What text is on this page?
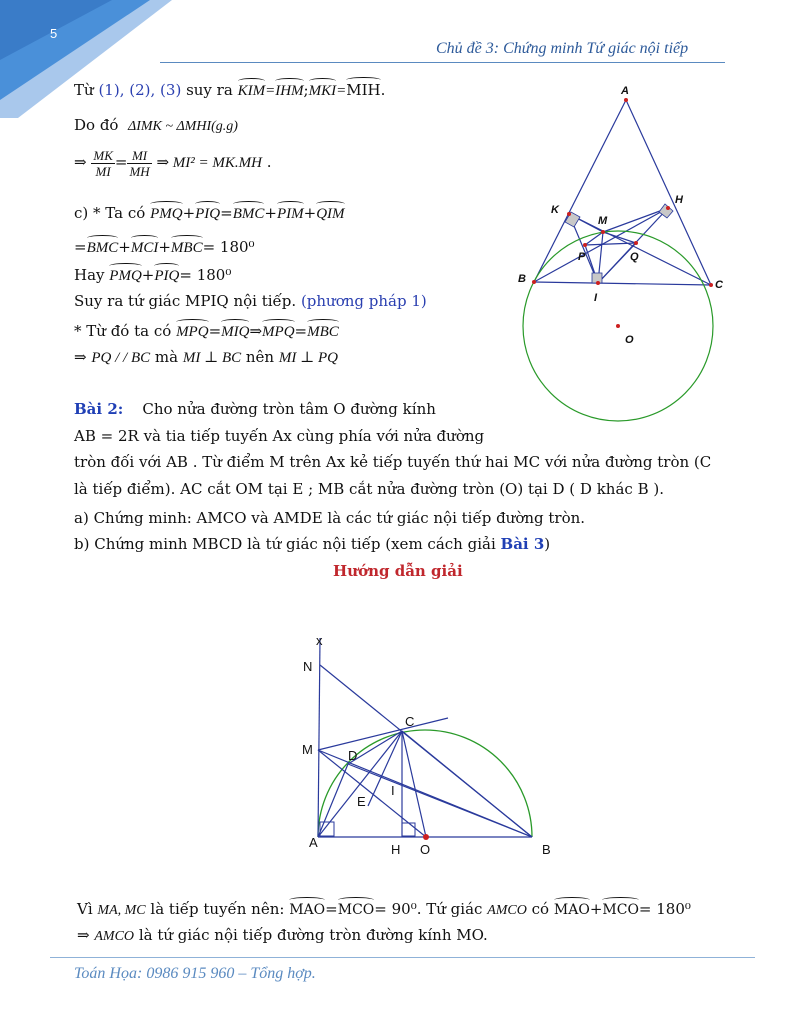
5
Chủ đề 3: Chứng minh Tứ giác nội tiếp
Từ (1), (2), (3) suy ra KIM=IHM;MKI=MIH.
Do đó ΔIMK ~ ΔMHI(g.g)
⇒ $\frac{MK}{MI} = \frac{MI}{MH}$ ⇒ MI² = MK.MH .
c) * Ta có PMQ+PIQ=BMC+PIM+QIM
=BMC+MCI+MBC= 180⁰
Hay PMQ+PIQ= 180⁰
Suy ra tứ giác MPIQ nội tiếp. (phương pháp 1)
* Từ đó ta có MPQ=MIQ⇒MPQ=MBC
⇒ PQ / / BC mà MI ⊥ BC nên MI ⊥ PQ
A
K
H
M
P	Q
B	C
I
O
Bài 2: Cho nửa đường tròn tâm O đường kính
AB = 2R và tia tiếp tuyến Ax cùng phía với nửa đường
tròn đối với AB . Từ điểm M trên Ax kẻ tiếp tuyến thứ hai MC với nửa đường tròn (C
là tiếp điểm). AC cắt OM tại E ; MB cắt nửa đường tròn (O) tại D ( D khác B ).
a) Chứng minh: AMCO và AMDE là các tứ giác nội tiếp đường tròn.
b) Chứng minh MBCD là tứ giác nội tiếp (xem cách giải Bài 3)
Hướng dẫn giải
x
N
C
M	D
E
I
A	H O	B
Vì MA, MC là tiếp tuyến nên: MAO=MCO= 90⁰. Tứ giác AMCO có MAO+MCO= 180⁰
⇒ AMCO là tứ giác nội tiếp đường tròn đường kính MO.
Toán Họa: 0986 915 960 – Tổng hợp.
